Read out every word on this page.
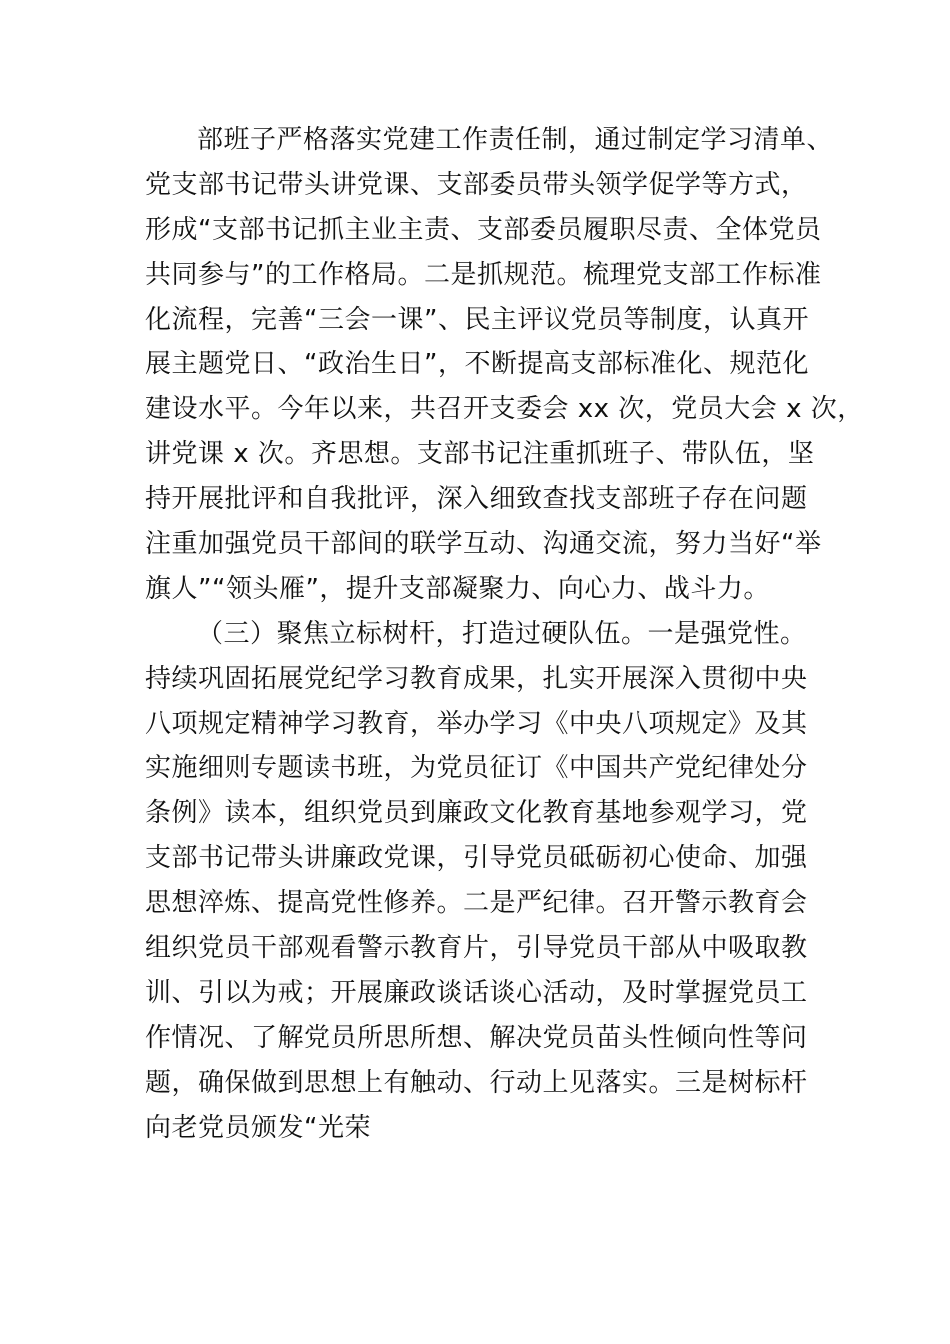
部班子严格落实党建工作责任制，通过制定学习清单、
党支部书记带头讲党课、支部委员带头领学促学等方式，
形成“支部书记抓主业主责、支部委员履职尽责、全体党员
共同参与”的工作格局。二是抓规范。梳理党支部工作标准
化流程，完善“三会一课”、民主评议党员等制度，认真开
展主题党日、“政治生日”，不断提高支部标准化、规范化
建设水平。今年以来，共召开支委会 xx 次，党员大会 x 次，
讲党课 x 次。齐思想。支部书记注重抓班子、带队伍，坚
持开展批评和自我批评，深入细致查找支部班子存在问题
注重加强党员干部间的联学互动、沟通交流，努力当好“举
旗人”“领头雁”，提升支部凝聚力、向心力、战斗力。
（三）聚焦立标树杆，打造过硬队伍。一是强党性。
持续巩固拓展党纪学习教育成果，扎实开展深入贯彻中央
八项规定精神学习教育，举办学习《中央八项规定》及其
实施细则专题读书班，为党员征订《中国共产党纪律处分
条例》读本，组织党员到廉政文化教育基地参观学习，党
支部书记带头讲廉政党课，引导党员砥砺初心使命、加强
思想淬炼、提高党性修养。二是严纪律。召开警示教育会
组织党员干部观看警示教育片，引导党员干部从中吸取教
训、引以为戒；开展廉政谈话谈心活动，及时掌握党员工
作情况、了解党员所思所想、解决党员苗头性倾向性等问
题，确保做到思想上有触动、行动上见落实。三是树标杆
向老党员颁发“光荣
